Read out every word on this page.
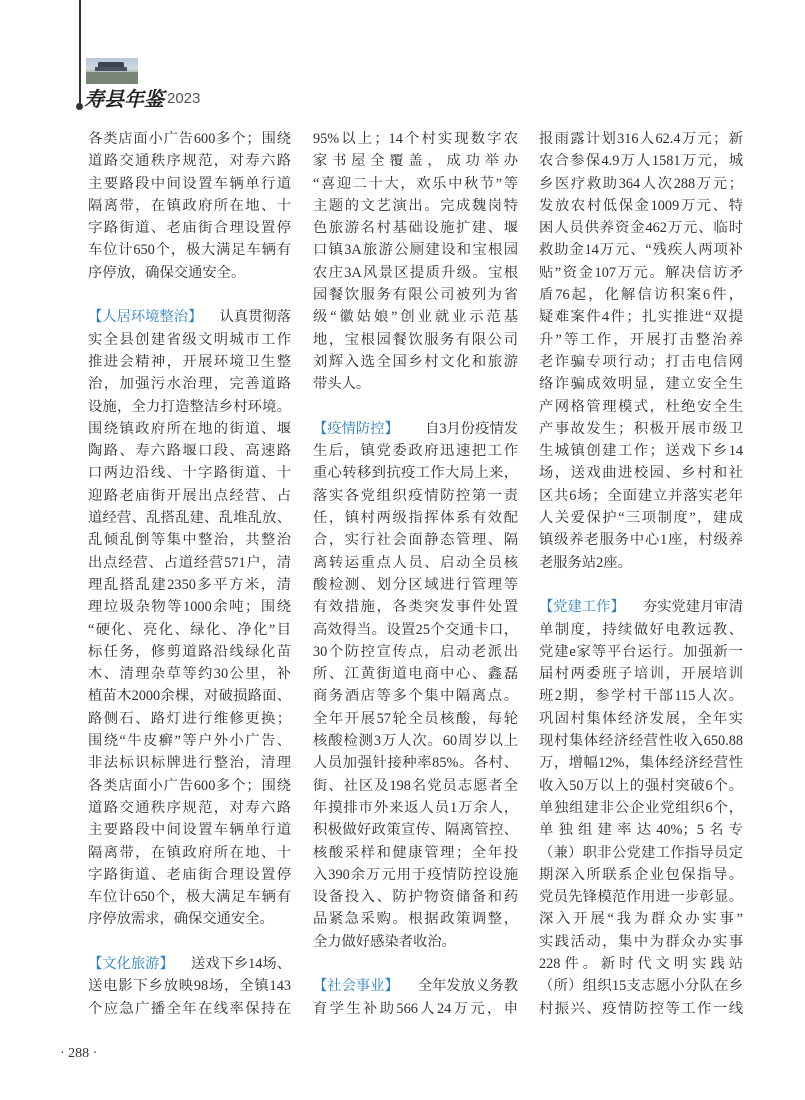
寿县年鉴 2023
各类店面小广告600多个；围绕
道路交通秩序规范，对寿六路
主要路段中间设置车辆单行道
隔离带，在镇政府所在地、十
字路街道、老庙街合理设置停
车位计650个，极大满足车辆有
序停放，确保交通安全。
【人居环境整治】 认真贯彻落
实全县创建省级文明城市工作
推进会精神，开展环境卫生整
治，加强污水治理，完善道路
设施，全力打造整洁乡村环境。
围绕镇政府所在地的街道、堰
陶路、寿六路堰口段、高速路
口两边沿线、十字路街道、十
迎路老庙街开展出点经营、占
道经营、乱搭乱建、乱堆乱放、
乱倾乱倒等集中整治，共整治
出点经营、占道经营571户，清
理乱搭乱建2350多平方米，清
理垃圾杂物等1000余吨；围绕
“硬化、亮化、绿化、净化”目
标任务，修剪道路沿线绿化苗
木、清理杂草等约30公里，补
植苗木2000余棵，对破损路面、
路侧石、路灯进行维修更换；
围绕“牛皮癣”等户外小广告、
非法标识标牌进行整治，清理
各类店面小广告600多个；围绕
道路交通秩序规范，对寿六路
主要路段中间设置车辆单行道
隔离带，在镇政府所在地、十
字路街道、老庙街合理设置停
车位计650个，极大满足车辆有
序停放需求，确保交通安全。
【文化旅游】 送戏下乡14场、
送电影下乡放映98场，全镇143
个应急广播全年在线率保持在
95%以上；14个村实现数字农
家书屋全覆盖，成功举办
“喜迎二十大，欢乐中秋节”等
主题的文艺演出。完成魏岗特
色旅游名村基础设施扩建、堰
口镇3A旅游公厕建设和宝根园
农庄3A风景区提质升级。宝根
园餐饮服务有限公司被列为省
级“徽姑娘”创业就业示范基
地，宝根园餐饮服务有限公司
刘辉入选全国乡村文化和旅游
带头人。
【疫情防控】 自3月份疫情发
生后，镇党委政府迅速把工作
重心转移到抗疫工作大局上来，
落实各党组织疫情防控第一责
任，镇村两级指挥体系有效配
合，实行社会面静态管理、隔
离转运重点人员、启动全员核
酸检测、划分区域进行管理等
有效措施，各类突发事件处置
高效得当。设置25个交通卡口，
30个防控宣传点，启动老派出
所、江黄街道电商中心、鑫磊
商务酒店等多个集中隔离点。
全年开展57轮全员核酸，每轮
核酸检测3万人次。60周岁以上
人员加强针接种率85%。各村、
街、社区及198名党员志愿者全
年摸排市外来返人员1万余人，
积极做好政策宣传、隔离管控、
核酸采样和健康管理；全年投
入390余万元用于疫情防控设施
设备投入、防护物资储备和药
品紧急采购。根据政策调整，
全力做好感染者收治。
【社会事业】 全年发放义务教
育学生补助566人24万元，申
报雨露计划316人62.4万元；新
农合参保4.9万人1581万元，城
乡医疗救助364人次288万元；
发放农村低保金1009万元、特
困人员供养资金462万元、临时
救助金14万元、“残疾人两项补
贴”资金107万元。解决信访矛
盾76起，化解信访积案6件，
疑难案件4件；扎实推进“双提
升”等工作，开展打击整治养
老诈骗专项行动；打击电信网
络诈骗成效明显，建立安全生
产网格管理模式，杜绝安全生
产事故发生；积极开展市级卫
生城镇创建工作；送戏下乡14
场，送戏曲进校园、乡村和社
区共6场；全面建立并落实老年
人关爱保护“三项制度”，建成
镇级养老服务中心1座，村级养
老服务站2座。
【党建工作】 夯实党建月审清
单制度，持续做好电教远教、
党建e家等平台运行。加强新一
届村两委班子培训，开展培训
班2期，参学村干部115人次。
巩固村集体经济发展，全年实
现村集体经济经营性收入650.88
万，增幅12%，集体经济经营性
收入50万以上的强村突破6个。
单独组建非公企业党组织6个，
单独组建率达40%；5名专
（兼）职非公党建工作指导员定
期深入所联系企业包保指导。
党员先锋模范作用进一步彰显。
深入开展“我为群众办实事”
实践活动，集中为群众办实事
228件。新时代文明实践站
（所）组织15支志愿小分队在乡
村振兴、疫情防控等工作一线
· 288 ·
